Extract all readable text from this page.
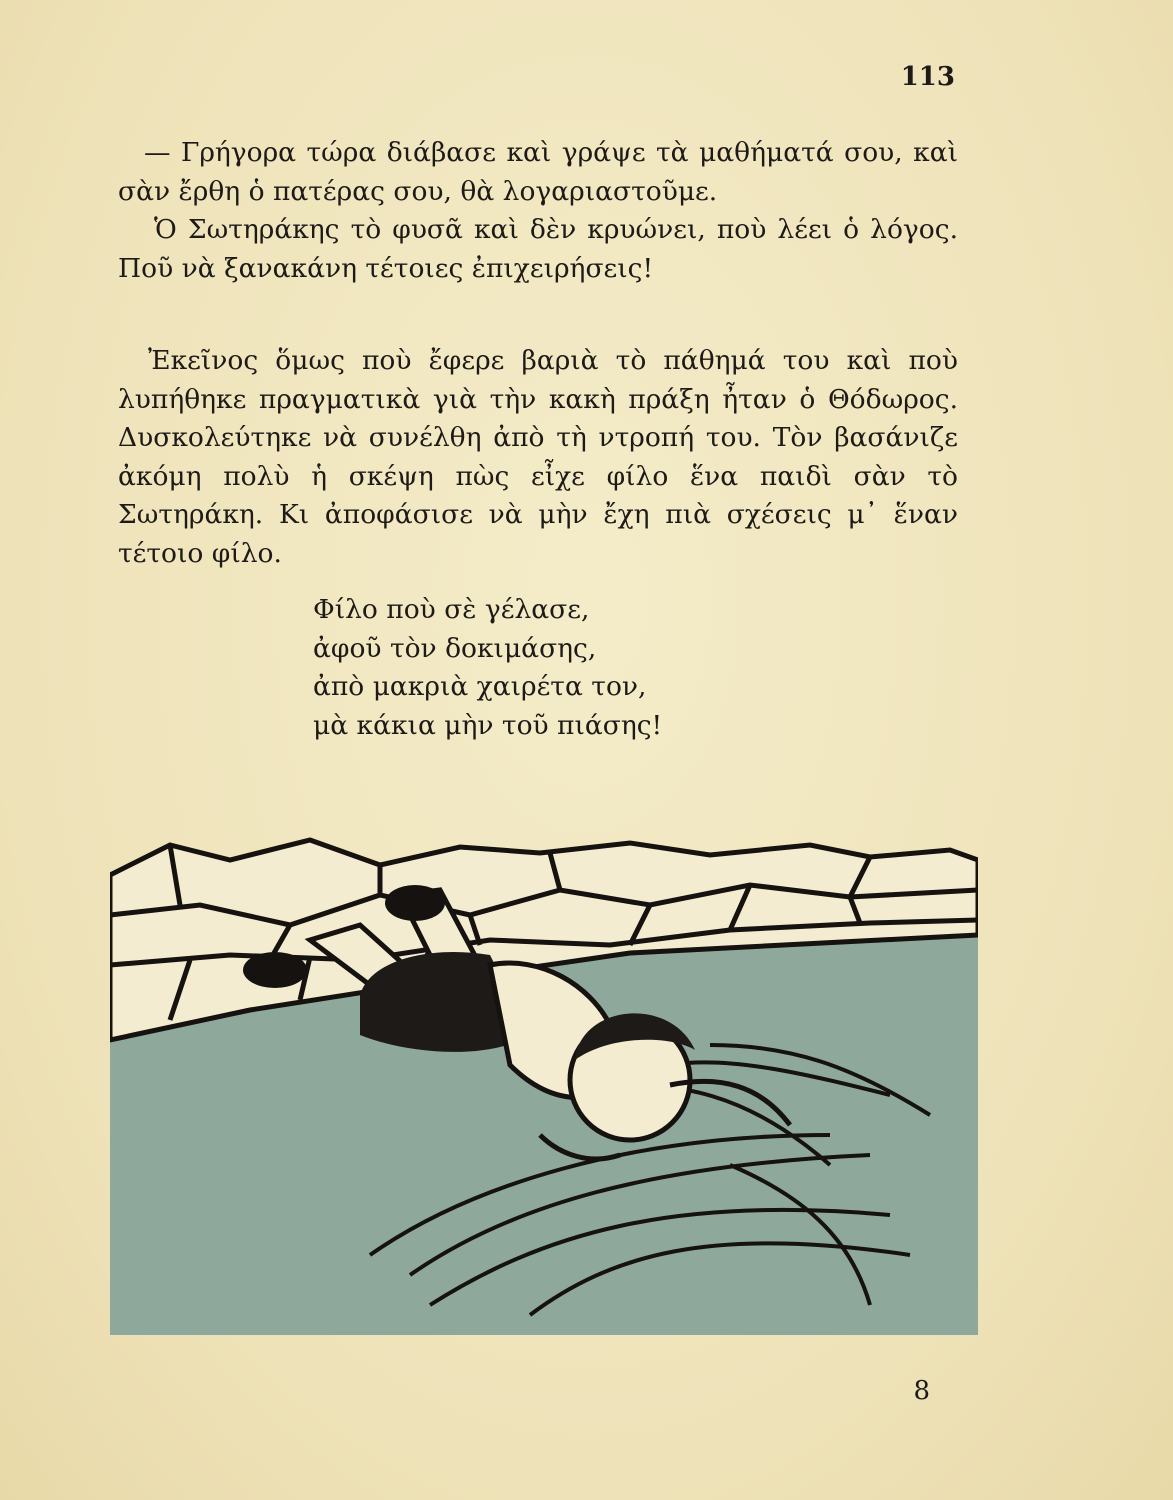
113

— Γρήγορα τώρα διάβασε καὶ γράψε τὰ μαθήματά σου, καὶ σὰν ἔρθη ὁ πατέρας σου, θὰ λογαριαστοῦμε.

Ὁ Σωτηράκης τὸ φυσᾶ καὶ δὲν κρυώνει, ποὺ λέει ὁ λόγος. Ποῦ νὰ ξανακάνη τέτοιες ἐπιχειρήσεις!

Ἐκεῖνος ὅμως ποὺ ἔφερε βαριὰ τὸ πάθημά του καὶ ποὺ λυπήθηκε πραγματικὰ γιὰ τὴν κακὴ πράξη ἦταν ὁ Θόδωρος. Δυσκολεύτηκε νὰ συνέλθη ἀπὸ τὴ ντροπή του. Τὸν βασάνιζε ἀκόμη πολὺ ἡ σκέψη πὼς εἶχε φίλο ἕνα παιδὶ σὰν τὸ Σωτηράκη. Κι ἀποφάσισε νὰ μὴν ἔχη πιὰ σχέσεις μ᾽ ἕναν τέτοιο φίλο.

Φίλο ποὺ σὲ γέλασε,
ἀφοῦ τὸν δοκιμάσης,
ἀπὸ μακριὰ χαιρέτα τον,
μὰ κάκια μὴν τοῦ πιάσης!
8
